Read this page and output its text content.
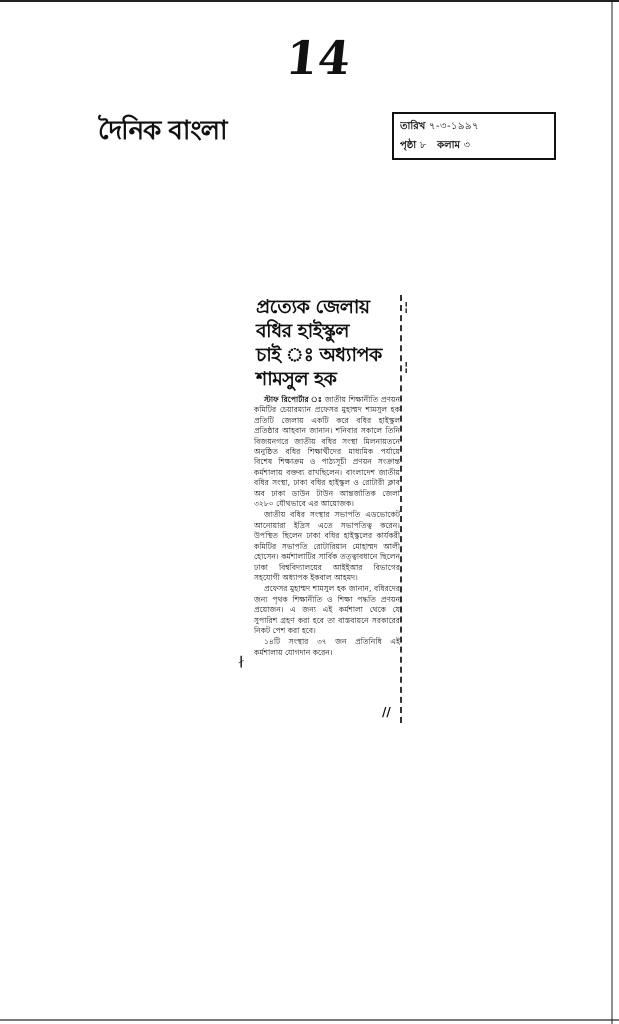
14
দৈনিক বাংলা	তারিখ ৭-৩-১৯৯৭
পৃষ্ঠা ৮ কলাম ৩
প্রত্যেক জেলায়
বধির হাইস্কুল
চাই ঃ অধ্যাপক
শামসুল হক

স্টাফ রিপোর্টার ঃ জাতীয় শিক্ষানীতি প্রণয়ন কমিটির চেয়ারম্যান প্রফেসর মুহাম্মদ শামসুল হক প্রতিটি জেলায় একটি করে বধির হাইস্কুল প্রতিষ্ঠার আহবান জানান। শনিবার সকালে তিনি বিজয়নগরে জাতীয় বধির সংস্থা মিলনায়তনে অনুষ্ঠিত বধির শিক্ষার্থীদের মাধ্যমিক পর্যায়ে বিশেষ শিক্ষাক্রম ও পাঠ্যসূচী প্রণয়ন সংক্রান্ত কর্মশালায় বক্তব্য রাখছিলেন। বাংলাদেশ জাতীয় বধির সংস্থা, ঢাকা বধির হাইস্কুল ও রোটারী ক্লাব অব ঢাকা ডাউন টাউন আন্তর্জাতিক জেলা ৩২৮০ যৌথভাবে এর আয়োজক।

জাতীয় বধির সংস্থার সভাপতি এডভোকেট আনোয়ারা ইদ্রিস এতে সভাপতিত্ব করেন। উপস্থিত ছিলেন ঢাকা বধির হাইস্কুলের কার্যকরী কমিটির সভাপতি রোটারিয়ান মোহাম্মদ আলী হোসেন। কর্মশালাটির সার্বিক তত্ত্বাবধানে ছিলেন ঢাকা বিশ্ববিদ্যালয়ের আইইআর বিভাগের সহযোগী অধ্যাপক ইকবাল আহমদ।

প্রফেসর মুহাম্মদ শামসুল হক জানান, বধিরদের জন্য পৃথক শিক্ষানীতি ও শিক্ষা পদ্ধতি প্রণয়ন প্রয়োজন। এ জন্য এই কর্মশালা থেকে যে সুপারিশ গ্রহণ করা হবে তা বাস্তবায়নে সরকারের নিকট পেশ করা হবে।

১৪টি সংস্থার ৩৭ জন প্রতিনিধি এই কর্মশালায় যোগদান করেন।

¦
¦
∤
//
